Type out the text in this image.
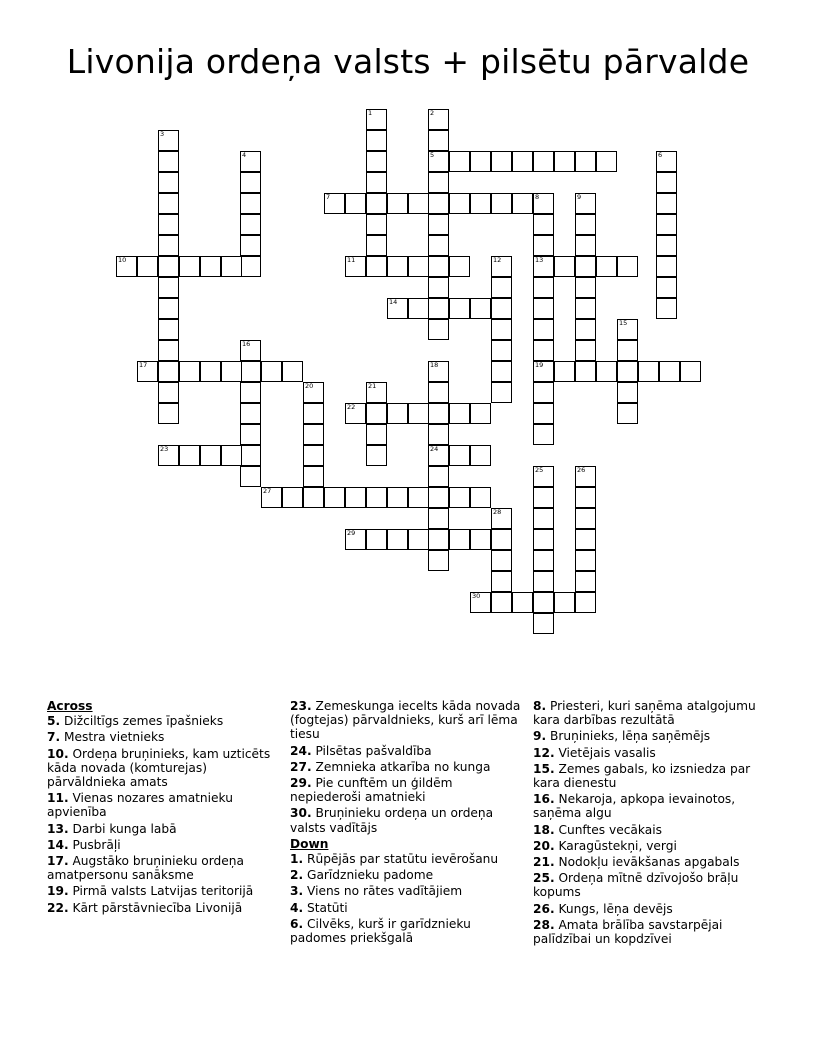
Livonija ordeņa valsts + pilsētu pārvalde
1	2
5
3
4	6
7	8
13
19
9
10	11	12
14
15
16
17	18
24
20	21
22
23
25	26
27
28
29
30
Across
5. Dižciltīgs zemes īpašnieks
7. Mestra vietnieks
10. Ordeņa bruņinieks, kam uzticēts kāda novada (komturejas) pārvāldnieka amats
11. Vienas nozares amatnieku apvienība
13. Darbi kunga labā
14. Pusbrāļi
17. Augstāko bruņinieku ordeņa amatpersonu sanāksme
19. Pirmā valsts Latvijas teritorijā
22. Kārt pārstāvniecība Livonijā
23. Zemeskunga iecelts kāda novada (fogtejas) pārvaldnieks, kurš arī lēma tiesu
24. Pilsētas pašvaldība
27. Zemnieka atkarība no kunga
29. Pie cunftēm un ģildēm nepiederoši amatnieki
30. Bruņinieku ordeņa un ordeņa valsts vadītājs
Down
1. Rūpējās par statūtu ievērošanu
2. Garīdznieku padome
3. Viens no rātes vadītājiem
4. Statūti
6. Cilvēks, kurš ir garīdznieku padomes priekšgalā
8. Priesteri, kuri saņēma atalgojumu kara darbības rezultātā
9. Bruņinieks, lēņa saņēmējs
12. Vietējais vasalis
15. Zemes gabals, ko izsniedza par kara dienestu
16. Nekaroja, apkopa ievainotos, saņēma algu
18. Cunftes vecākais
20. Karagūstekņi, vergi
21. Nodokļu ievākšanas apgabals
25. Ordeņa mītnē dzīvojošo brāļu kopums
26. Kungs, lēņa devējs
28. Amata brālība savstarpējai palīdzībai un kopdzīvei
